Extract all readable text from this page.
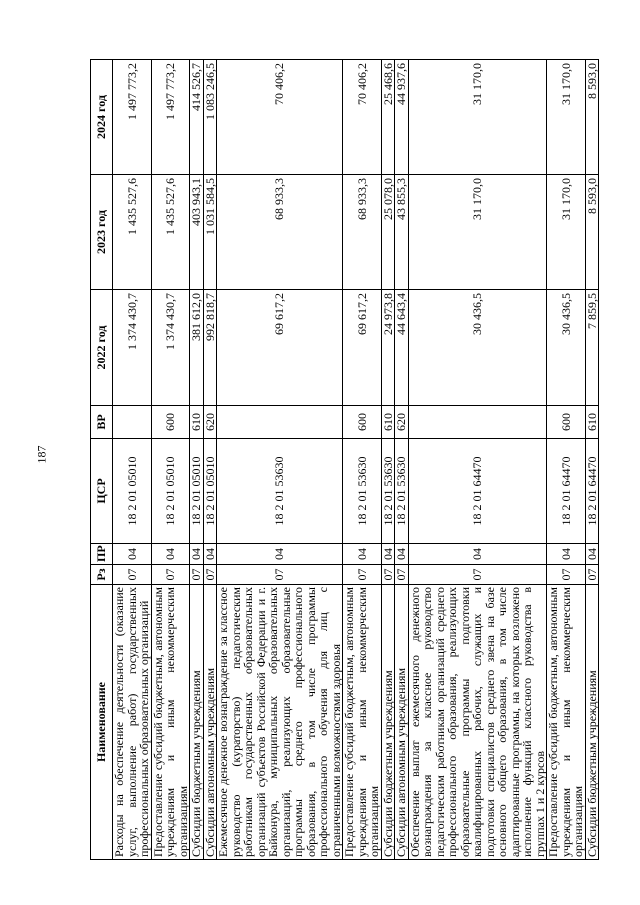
187
Наименование	Рз	ПР	ЦСР	ВР	2022 год	2023 год	2024 год
Расходы на обеспечение деятельности (оказание услуг, выполнение работ) государственных профессиональных образовательных организаций	07	04	18 2 01 05010		1 374 430,7	1 435 527,6	1 497 773,2
Предоставление субсидий бюджетным, автономным учреждениям и иным некоммерческим организациям	07	04	18 2 01 05010	600	1 374 430,7	1 435 527,6	1 497 773,2
Субсидии бюджетным учреждениям	07	04	18 2 01 05010	610	381 612,0	403 943,1	414 526,7
Субсидии автономным учреждениям	07	04	18 2 01 05010	620	992 818,7	1 031 584,5	1 083 246,5
Ежемесячное денежное вознаграждение за классное руководство (кураторство) педагогическим работникам государственных образовательных организаций субъектов Российской Федерации и г. Байконура, муниципальных образовательных организаций, реализующих образовательные программы среднего профессионального образования, в том числе программы профессионального обучения для лиц с ограниченными возможностями здоровья	07	04	18 2 01 53630		69 617,2	68 933,3	70 406,2
Предоставление субсидий бюджетным, автономным учреждениям и иным некоммерческим организациям	07	04	18 2 01 53630	600	69 617,2	68 933,3	70 406,2
Субсидии бюджетным учреждениям	07	04	18 2 01 53630	610	24 973,8	25 078,0	25 468,6
Субсидии автономным учреждениям	07	04	18 2 01 53630	620	44 643,4	43 855,3	44 937,6
Обеспечение выплат ежемесячного денежного вознаграждения за классное руководство педагогическим работникам организаций среднего профессионального образования, реализующих образовательные программы подготовки квалифицированных рабочих, служащих и подготовки специалистов среднего звена на базе основного общего образования, в том числе адаптированные программы, на которых возложено исполнение функций классного руководства в группах 1 и 2 курсов	07	04	18 2 01 64470		30 436,5	31 170,0	31 170,0
Предоставление субсидий бюджетным, автономным учреждениям и иным некоммерческим организациям	07	04	18 2 01 64470	600	30 436,5	31 170,0	31 170,0
Субсидии бюджетным учреждениям	07	04	18 2 01 64470	610	7 859,5	8 593,0	8 593,0
